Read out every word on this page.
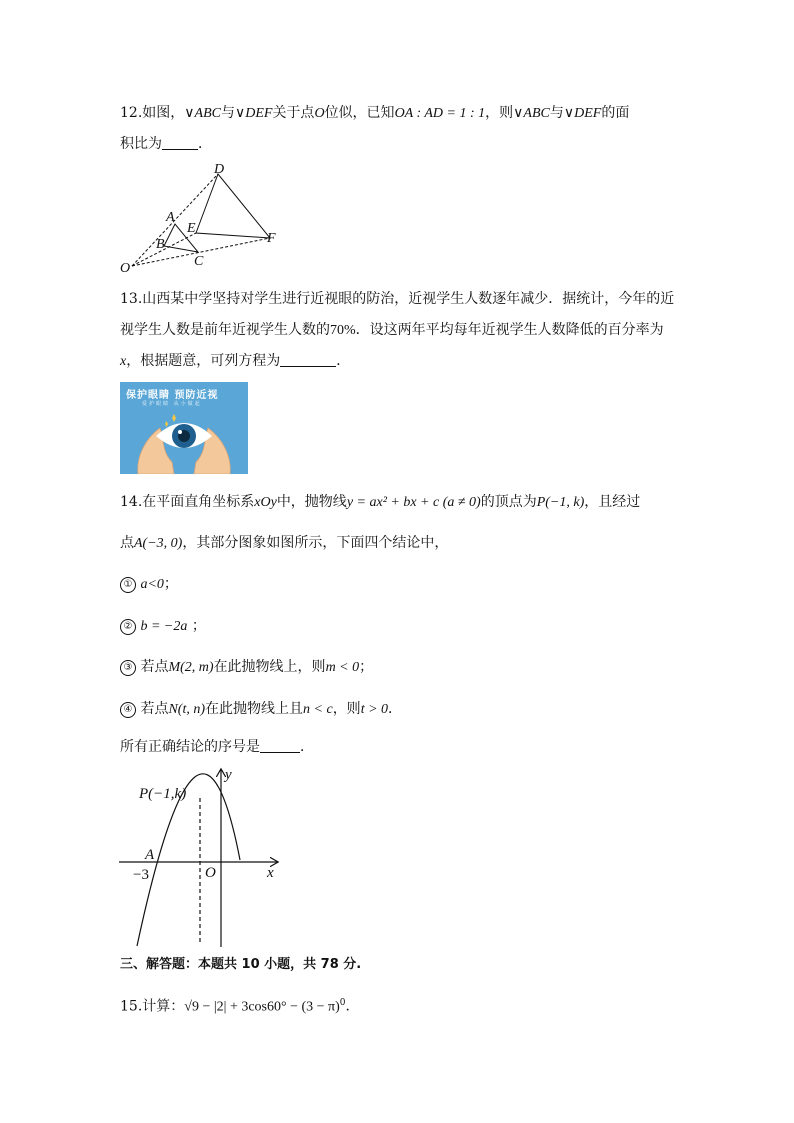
12.如图，∨ABC与∨DEF关于点O位似，已知OA : AD = 1 : 1，则∨ABC与∨DEF的面
积比为	．
D
A
E
B	F
O	C
13.山西某中学坚持对学生进行近视眼的防治，近视学生人数逐年减少．据统计，今年的近
视学生人数是前年近视学生人数的70%．设这两年平均每年近视学生人数降低的百分率为
x，根据题意，可列方程为	．
保护眼睛 预防近视
爱护眼睛 从小做起
14.在平面直角坐标系xOy中，抛物线y = ax² + bx + c (a ≠ 0)的顶点为P(−1, k)，且经过
点A(−3, 0)，其部分图象如图所示，下面四个结论中，
① a<0；
② b = −2a ；
③ 若点M(2, m)在此抛物线上，则m < 0；
④ 若点N(t, n)在此抛物线上且n < c，则t > 0．
所有正确结论的序号是	．
P(−1,k)
y
x
A
−3	O
三、解答题：本题共 10 小题，共 78 分.
15.计算：$√9 - |2| + 3\cos 60^\circ - (3 - \pi)^0$．
